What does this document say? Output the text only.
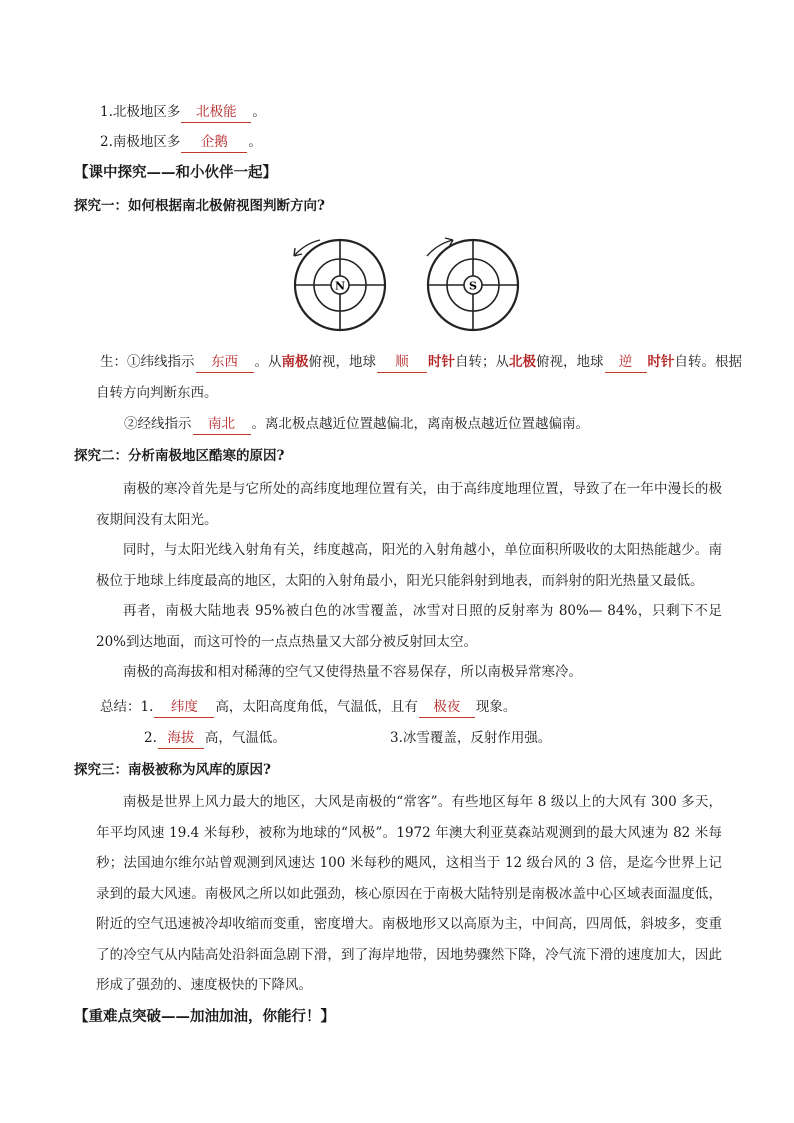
1.北极地区多 北极能 。
2.南极地区多 企鹅 。
【课中探究——和小伙伴一起】
探究一：如何根据南北极俯视图判断方向?
N	S
生：①纬线指示 东西 。从南极俯视，地球 顺 时针自转；从北极俯视，地球 逆 时针自转。根据
自转方向判断东西。
②经线指示 南北 。离北极点越近位置越偏北，离南极点越近位置越偏南。
探究二：分析南极地区酷寒的原因?

南极的寒冷首先是与它所处的高纬度地理位置有关，由于高纬度地理位置，导致了在一年中漫长的极夜期间没有太阳光。

同时，与太阳光线入射角有关，纬度越高，阳光的入射角越小，单位面积所吸收的太阳热能越少。南极位于地球上纬度最高的地区，太阳的入射角最小，阳光只能斜射到地表，而斜射的阳光热量又最低。

再者，南极大陆地表 95%被白色的冰雪覆盖，冰雪对日照的反射率为 80%— 84%，只剩下不足 20%到达地面，而这可怜的一点点热量又大部分被反射回太空。

南极的高海拔和相对稀薄的空气又使得热量不容易保存，所以南极异常寒冷。

总结：1. 纬度 高，太阳高度角低，气温低，且有 极夜 现象。
2. 海拔 高，气温低。	3.冰雪覆盖，反射作用强。
探究三：南极被称为风库的原因?

南极是世界上风力最大的地区，大风是南极的“常客”。有些地区每年 8 级以上的大风有 300 多天，年平均风速 19.4 米每秒，被称为地球的“风极”。1972 年澳大利亚莫森站观测到的最大风速为 82 米每秒；法国迪尔维尔站曾观测到风速达 100 米每秒的飓风，这相当于 12 级台风的 3 倍，是迄今世界上记录到的最大风速。南极风之所以如此强劲，核心原因在于南极大陆特别是南极冰盖中心区域表面温度低，附近的空气迅速被冷却收缩而变重，密度增大。南极地形又以高原为主，中间高，四周低，斜坡多，变重了的冷空气从内陆高处沿斜面急剧下滑，到了海岸地带，因地势骤然下降，冷气流下滑的速度加大，因此形成了强劲的、速度极快的下降风。

【重难点突破——加油加油，你能行！】
